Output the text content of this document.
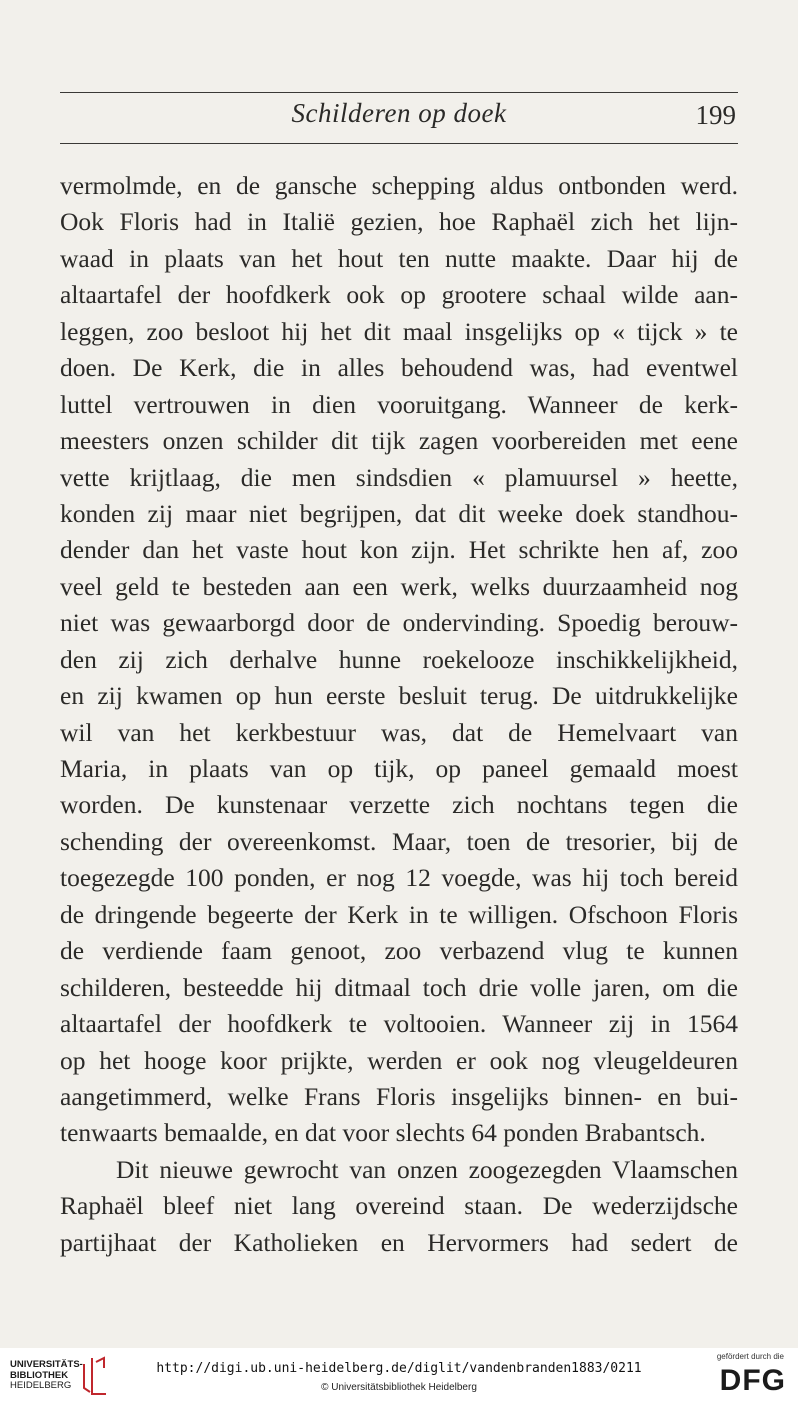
Schilderen op doek	199
vermolmde, en de gansche schepping aldus ontbonden werd.
Ook Floris had in Italië gezien, hoe Raphaël zich het lijn-
waad in plaats van het hout ten nutte maakte. Daar hij de
altaartafel der hoofdkerk ook op grootere schaal wilde aan-
leggen, zoo besloot hij het dit maal insgelijks op « tijck » te
doen. De Kerk, die in alles behoudend was, had eventwel
luttel vertrouwen in dien vooruitgang. Wanneer de kerk-
meesters onzen schilder dit tijk zagen voorbereiden met eene
vette krijtlaag, die men sindsdien « plamuursel » heette,
konden zij maar niet begrijpen, dat dit weeke doek standhou-
dender dan het vaste hout kon zijn. Het schrikte hen af, zoo
veel geld te besteden aan een werk, welks duurzaamheid nog
niet was gewaarborgd door de ondervinding. Spoedig berouw-
den zij zich derhalve hunne roekelooze inschikkelijkheid,
en zij kwamen op hun eerste besluit terug. De uitdrukkelijke
wil van het kerkbestuur was, dat de Hemelvaart van
Maria, in plaats van op tijk, op paneel gemaald moest
worden. De kunstenaar verzette zich nochtans tegen die
schending der overeenkomst. Maar, toen de tresorier, bij de
toegezegde 100 ponden, er nog 12 voegde, was hij toch bereid
de dringende begeerte der Kerk in te willigen. Ofschoon Floris
de verdiende faam genoot, zoo verbazend vlug te kunnen
schilderen, besteedde hij ditmaal toch drie volle jaren, om die
altaartafel der hoofdkerk te voltooien. Wanneer zij in 1564
op het hooge koor prijkte, werden er ook nog vleugeldeuren
aangetimmerd, welke Frans Floris insgelijks binnen- en bui-
tenwaarts bemaalde, en dat voor slechts 64 ponden Brabantsch.
Dit nieuwe gewrocht van onzen zoogezegden Vlaamschen
Raphaël bleef niet lang overeind staan. De wederzijdsche
partijhaat der Katholieken en Hervormers had sedert de
UNIVERSITÄTS-
BIBLIOTHEK
HEIDELBERG
http://digi.ub.uni-heidelberg.de/diglit/vandenbranden1883/0211
© Universitätsbibliothek Heidelberg
gefördert durch die
DFG
